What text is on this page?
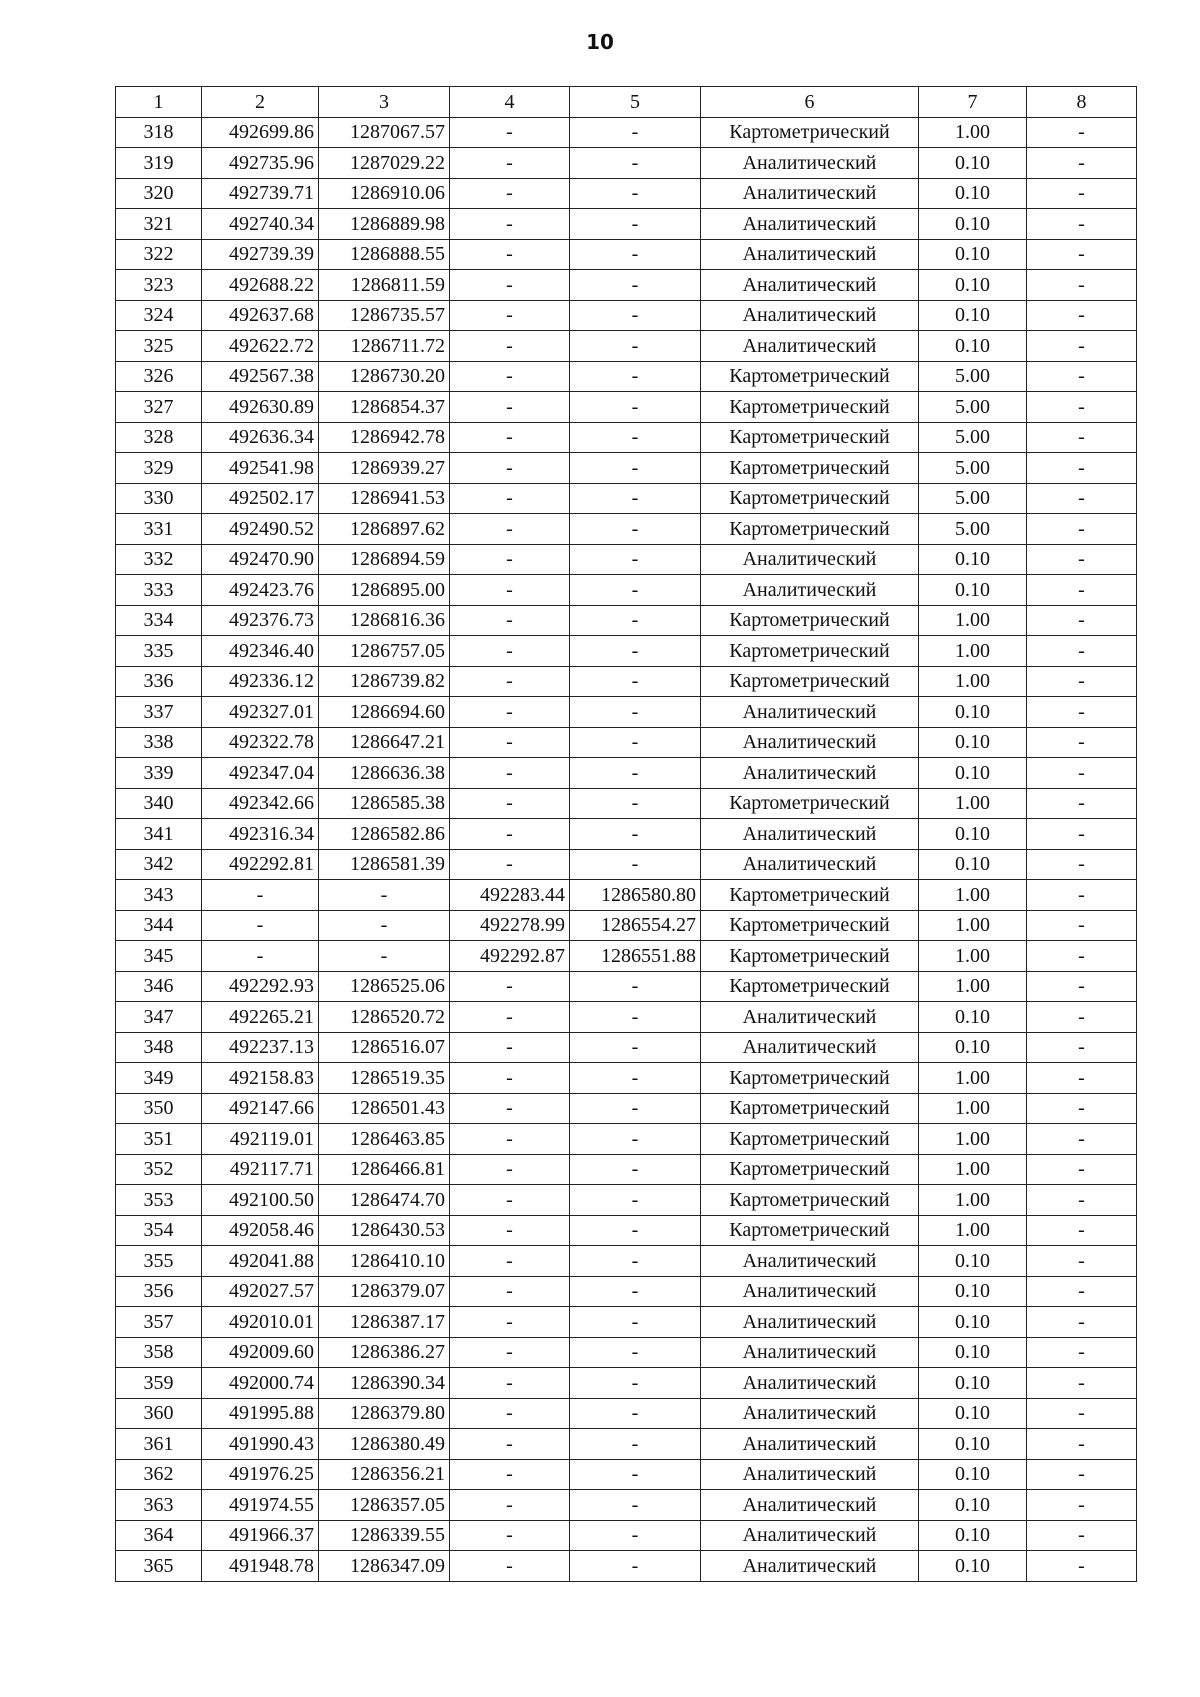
10
1	2	3	4	5	6	7	8
318	492699.86	1287067.57	-	-	Картометрический	1.00	-
319	492735.96	1287029.22	-	-	Аналитический	0.10	-
320	492739.71	1286910.06	-	-	Аналитический	0.10	-
321	492740.34	1286889.98	-	-	Аналитический	0.10	-
322	492739.39	1286888.55	-	-	Аналитический	0.10	-
323	492688.22	1286811.59	-	-	Аналитический	0.10	-
324	492637.68	1286735.57	-	-	Аналитический	0.10	-
325	492622.72	1286711.72	-	-	Аналитический	0.10	-
326	492567.38	1286730.20	-	-	Картометрический	5.00	-
327	492630.89	1286854.37	-	-	Картометрический	5.00	-
328	492636.34	1286942.78	-	-	Картометрический	5.00	-
329	492541.98	1286939.27	-	-	Картометрический	5.00	-
330	492502.17	1286941.53	-	-	Картометрический	5.00	-
331	492490.52	1286897.62	-	-	Картометрический	5.00	-
332	492470.90	1286894.59	-	-	Аналитический	0.10	-
333	492423.76	1286895.00	-	-	Аналитический	0.10	-
334	492376.73	1286816.36	-	-	Картометрический	1.00	-
335	492346.40	1286757.05	-	-	Картометрический	1.00	-
336	492336.12	1286739.82	-	-	Картометрический	1.00	-
337	492327.01	1286694.60	-	-	Аналитический	0.10	-
338	492322.78	1286647.21	-	-	Аналитический	0.10	-
339	492347.04	1286636.38	-	-	Аналитический	0.10	-
340	492342.66	1286585.38	-	-	Картометрический	1.00	-
341	492316.34	1286582.86	-	-	Аналитический	0.10	-
342	492292.81	1286581.39	-	-	Аналитический	0.10	-
343	-	-	492283.44	1286580.80	Картометрический	1.00	-
344	-	-	492278.99	1286554.27	Картометрический	1.00	-
345	-	-	492292.87	1286551.88	Картометрический	1.00	-
346	492292.93	1286525.06	-	-	Картометрический	1.00	-
347	492265.21	1286520.72	-	-	Аналитический	0.10	-
348	492237.13	1286516.07	-	-	Аналитический	0.10	-
349	492158.83	1286519.35	-	-	Картометрический	1.00	-
350	492147.66	1286501.43	-	-	Картометрический	1.00	-
351	492119.01	1286463.85	-	-	Картометрический	1.00	-
352	492117.71	1286466.81	-	-	Картометрический	1.00	-
353	492100.50	1286474.70	-	-	Картометрический	1.00	-
354	492058.46	1286430.53	-	-	Картометрический	1.00	-
355	492041.88	1286410.10	-	-	Аналитический	0.10	-
356	492027.57	1286379.07	-	-	Аналитический	0.10	-
357	492010.01	1286387.17	-	-	Аналитический	0.10	-
358	492009.60	1286386.27	-	-	Аналитический	0.10	-
359	492000.74	1286390.34	-	-	Аналитический	0.10	-
360	491995.88	1286379.80	-	-	Аналитический	0.10	-
361	491990.43	1286380.49	-	-	Аналитический	0.10	-
362	491976.25	1286356.21	-	-	Аналитический	0.10	-
363	491974.55	1286357.05	-	-	Аналитический	0.10	-
364	491966.37	1286339.55	-	-	Аналитический	0.10	-
365	491948.78	1286347.09	-	-	Аналитический	0.10	-
